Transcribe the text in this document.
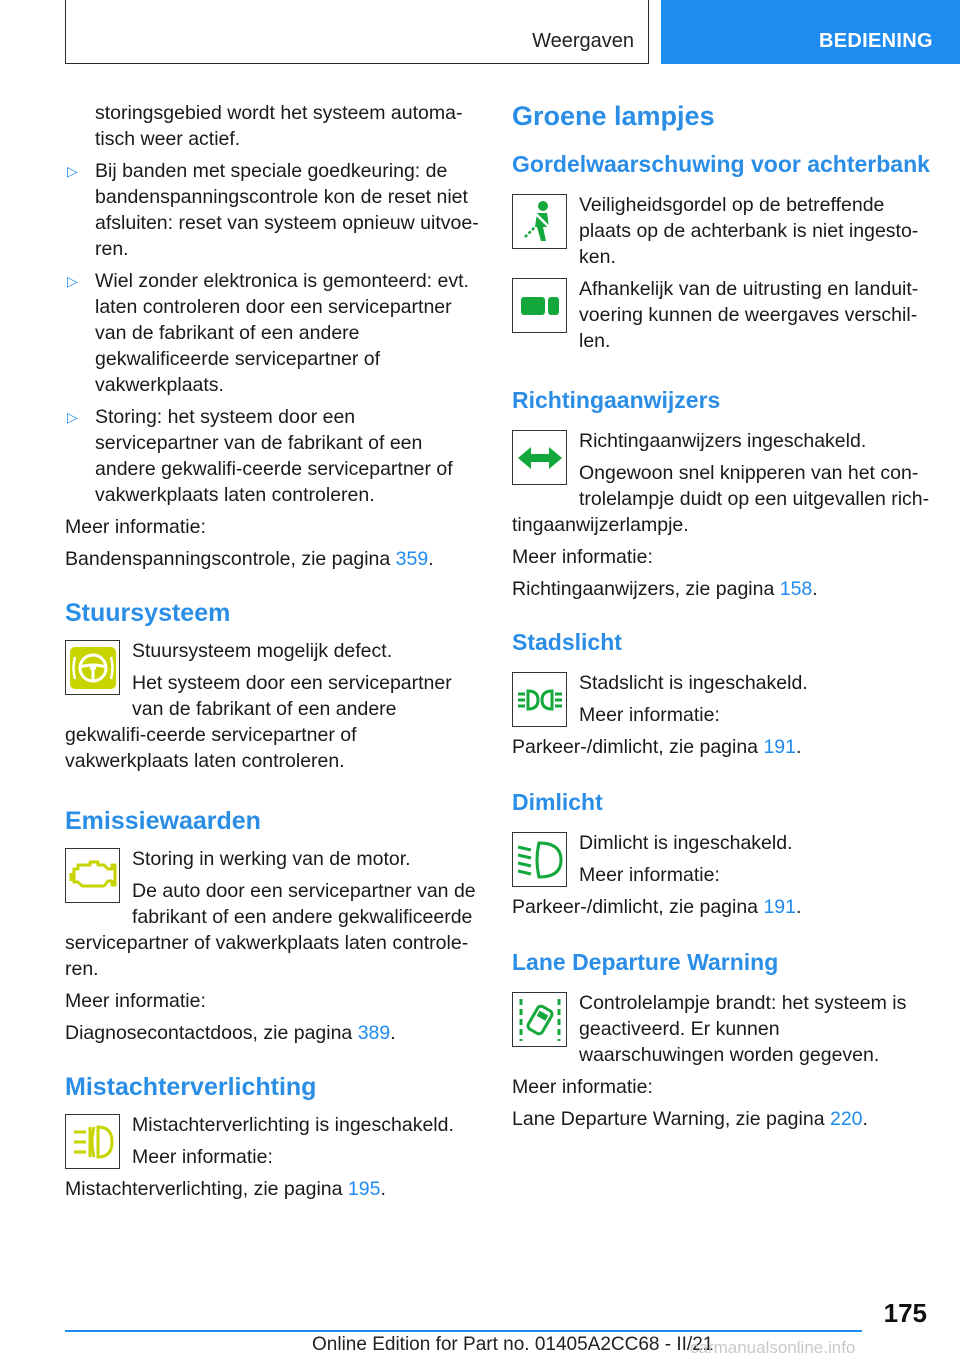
Weergaven	BEDIENING

storingsgebied wordt het systeem automa-tisch weer actief.

▷ Bij banden met speciale goedkeuring: de bandenspanningscontrole kon de reset niet afsluiten: reset van systeem opnieuw uitvoe-ren.

▷ Wiel zonder elektronica is gemonteerd: evt. laten controleren door een servicepartner van de fabrikant of een andere gekwalificeerde servicepartner of vakwerkplaats.

▷ Storing: het systeem door een servicepartner van de fabrikant of een andere gekwalifi-ceerde servicepartner of vakwerkplaats laten controleren.

Meer informatie:

Bandenspanningscontrole, zie pagina 359.

Stuursysteem

Stuursysteem mogelijk defect.

Het systeem door een servicepartner van de fabrikant of een andere gekwalifi-ceerde servicepartner of vakwerkplaats laten controleren.

Emissiewaarden

Storing in werking van de motor.

De auto door een servicepartner van de fabrikant of een andere gekwalificeerde servicepartner of vakwerkplaats laten controle-ren.

Meer informatie:

Diagnosecontactdoos, zie pagina 389.

Mistachterverlichting

Mistachterverlichting is ingeschakeld.

Meer informatie:

Mistachterverlichting, zie pagina 195.

Groene lampjes
Gordelwaarschuwing voor achterbank

Veiligheidsgordel op de betreffende plaats op de achterbank is niet ingesto-ken.

Afhankelijk van de uitrusting en landuit-voering kunnen de weergaves verschil-len.

Richtingaanwijzers

Richtingaanwijzers ingeschakeld.

Ongewoon snel knipperen van het con-trolelampje duidt op een uitgevallen rich-tingaanwijzerlampje.

Meer informatie:

Richtingaanwijzers, zie pagina 158.

Stadslicht

Stadslicht is ingeschakeld.

Meer informatie:

Parkeer-/dimlicht, zie pagina 191.

Dimlicht

Dimlicht is ingeschakeld.

Meer informatie:

Parkeer-/dimlicht, zie pagina 191.

Lane Departure Warning

Controlelampje brandt: het systeem is geactiveerd. Er kunnen waarschuwingen worden gegeven.

Meer informatie:

Lane Departure Warning, zie pagina 220.

175
Online Edition for Part no. 01405A2CC68 - II/21
carmanualsonline.info
